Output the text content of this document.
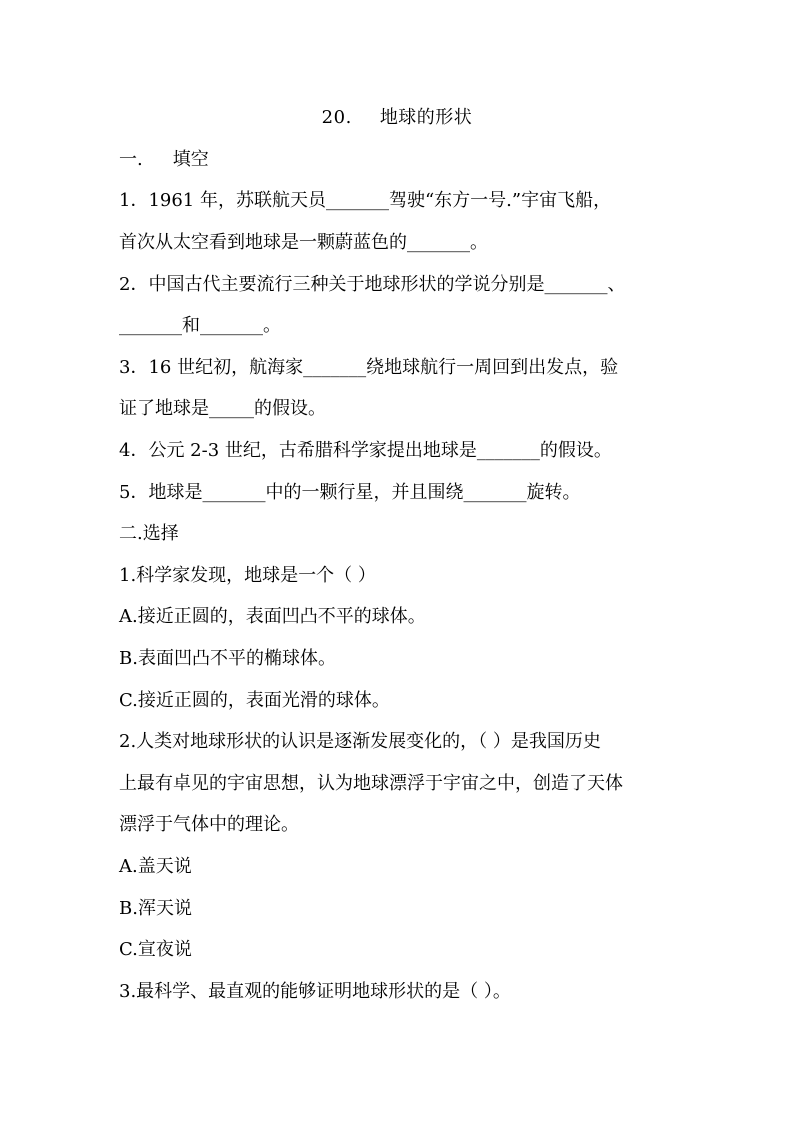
20. 地球的形状
一. 填空
1．1961 年，苏联航天员_______驾驶“东方一号.”宇宙飞船，
首次从太空看到地球是一颗蔚蓝色的_______。
2．中国古代主要流行三种关于地球形状的学说分别是_______、
_______和_______。
3．16 世纪初，航海家_______绕地球航行一周回到出发点，验
证了地球是_____的假设。
4．公元 2-3 世纪，古希腊科学家提出地球是_______的假设。
5．地球是_______中的一颗行星，并且围绕_______旋转。
二.选择
1.科学家发现，地球是一个（ ）
A.接近正圆的，表面凹凸不平的球体。
B.表面凹凸不平的椭球体。
C.接近正圆的，表面光滑的球体。
2.人类对地球形状的认识是逐渐发展变化的，（ ）是我国历史
上最有卓见的宇宙思想，认为地球漂浮于宇宙之中，创造了天体
漂浮于气体中的理论。
A.盖天说
B.浑天说
C.宣夜说
3.最科学、最直观的能够证明地球形状的是（ ）。
